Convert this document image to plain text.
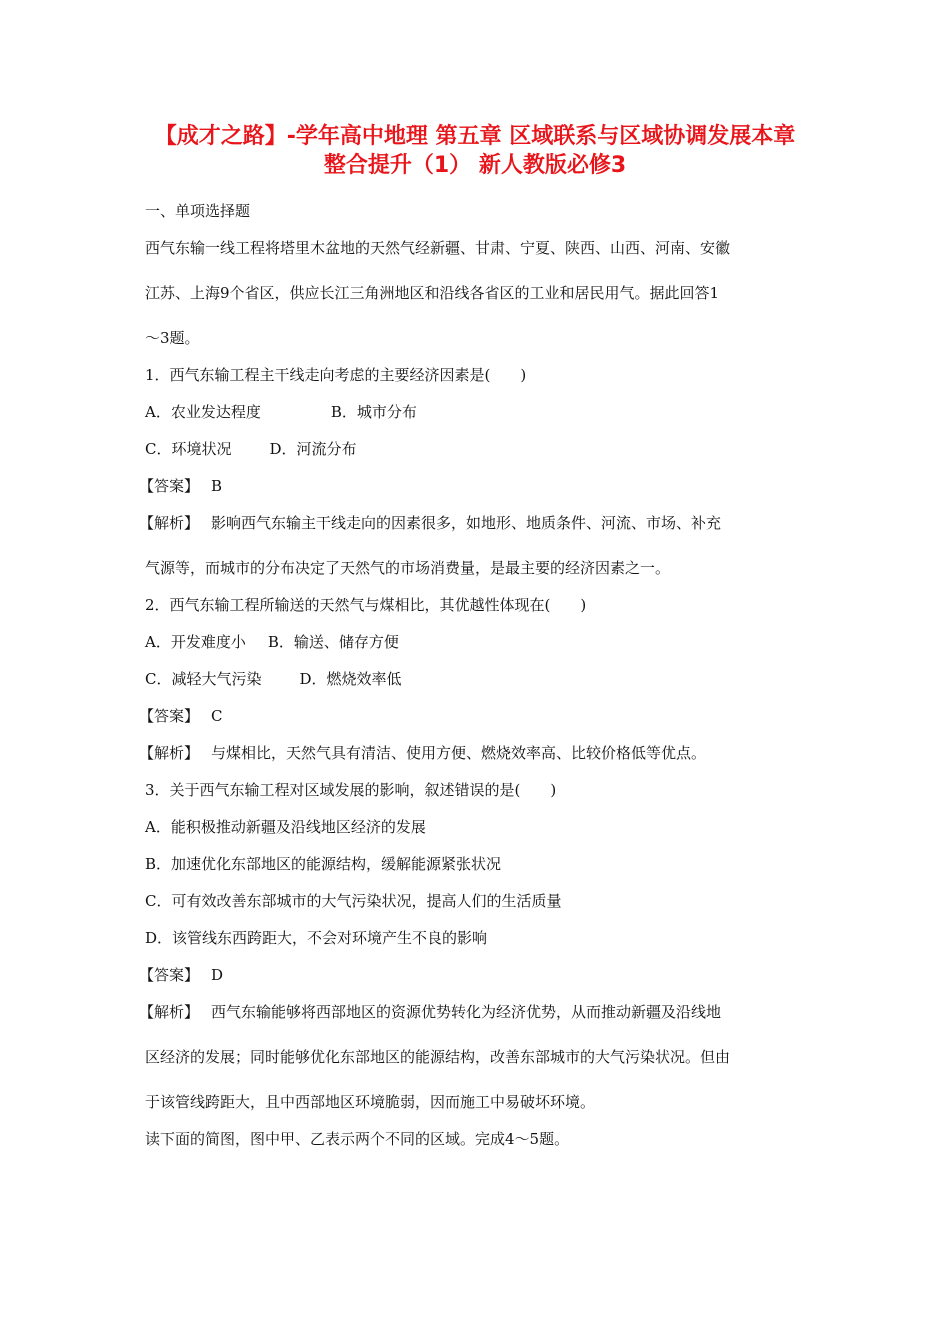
【成才之路】-学年高中地理 第五章 区域联系与区域协调发展本章
整合提升（1） 新人教版必修3
一、单项选择题
西气东输一线工程将塔里木盆地的天然气经新疆、甘肃、宁夏、陕西、山西、河南、安徽
江苏、上海9个省区，供应长江三角洲地区和沿线各省区的工业和居民用气。据此回答1
～3题。
1．西气东输工程主干线走向考虑的主要经济因素是(　　)
A．农业发达程度	B．城市分布
C．环境状况	D．河流分布
【答案】 B
【解析】 影响西气东输主干线走向的因素很多，如地形、地质条件、河流、市场、补充
气源等，而城市的分布决定了天然气的市场消费量，是最主要的经济因素之一。
2．西气东输工程所输送的天然气与煤相比，其优越性体现在(　　)
A．开发难度小 B．输送、储存方便
C．减轻大气污染	D．燃烧效率低
【答案】 C
【解析】 与煤相比，天然气具有清洁、使用方便、燃烧效率高、比较价格低等优点。
3．关于西气东输工程对区域发展的影响，叙述错误的是(　　)
A．能积极推动新疆及沿线地区经济的发展
B．加速优化东部地区的能源结构，缓解能源紧张状况
C．可有效改善东部城市的大气污染状况，提高人们的生活质量
D．该管线东西跨距大，不会对环境产生不良的影响
【答案】 D
【解析】 西气东输能够将西部地区的资源优势转化为经济优势，从而推动新疆及沿线地
区经济的发展；同时能够优化东部地区的能源结构，改善东部城市的大气污染状况。但由
于该管线跨距大，且中西部地区环境脆弱，因而施工中易破坏环境。
读下面的简图，图中甲、乙表示两个不同的区域。完成4～5题。
